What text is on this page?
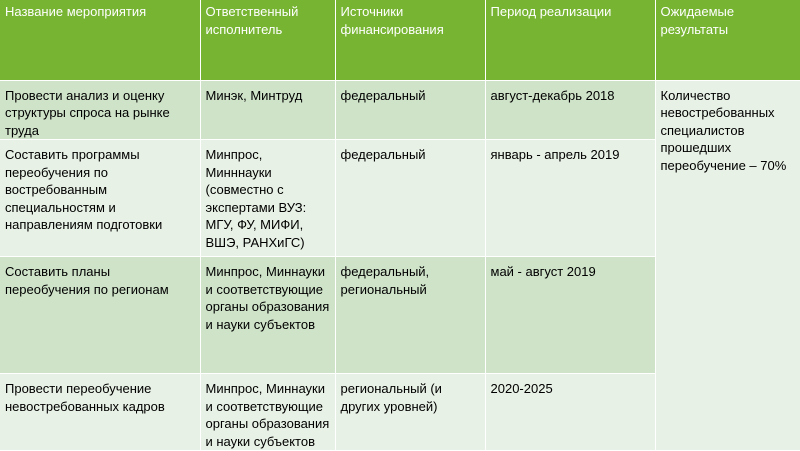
Название мероприятия	Ответственный исполнитель	Источники финансирования	Период реализации	Ожидаемые результаты
Провести анализ и оценку структуры спроса на рынке труда	Минэк, Минтруд	федеральный	август-декабрь 2018	Количество невостребованных специалистов прошедших переобучение – 70%
Составить программы переобучения по востребованным специальностям и направлениям подготовки	Минпрос, Минннауки (совместно с экспертами ВУЗ: МГУ, ФУ, МИФИ, ВШЭ, РАНХиГС)	федеральный	январь - апрель 2019	
Составить планы переобучения по регионам	Минпрос, Миннауки и соответствующие органы образования и науки субъектов	федеральный, региональный	май - август 2019	
Провести переобучение невостребованных кадров	Минпрос, Миннауки и соответствующие органы образования и науки субъектов	региональный (и других уровней)	2020-2025	
